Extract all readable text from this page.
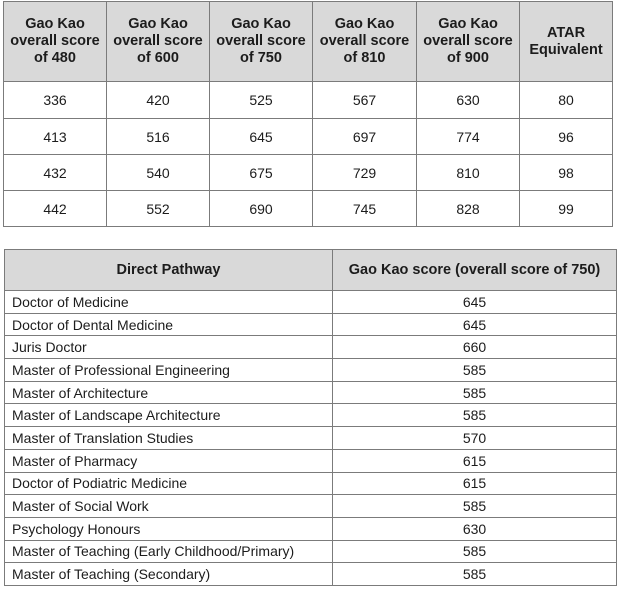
Gao Kao overall score of 480	Gao Kao overall score of 600	Gao Kao overall score of 750	Gao Kao overall score of 810	Gao Kao overall score of 900	ATAR Equivalent
336	420	525	567	630	80
413	516	645	697	774	96
432	540	675	729	810	98
442	552	690	745	828	99
Direct Pathway	Gao Kao score (overall score of 750)
Doctor of Medicine	645
Doctor of Dental Medicine	645
Juris Doctor	660
Master of Professional Engineering	585
Master of Architecture	585
Master of Landscape Architecture	585
Master of Translation Studies	570
Master of Pharmacy	615
Doctor of Podiatric Medicine	615
Master of Social Work	585
Psychology Honours	630
Master of Teaching (Early Childhood/Primary)	585
Master of Teaching (Secondary)	585
